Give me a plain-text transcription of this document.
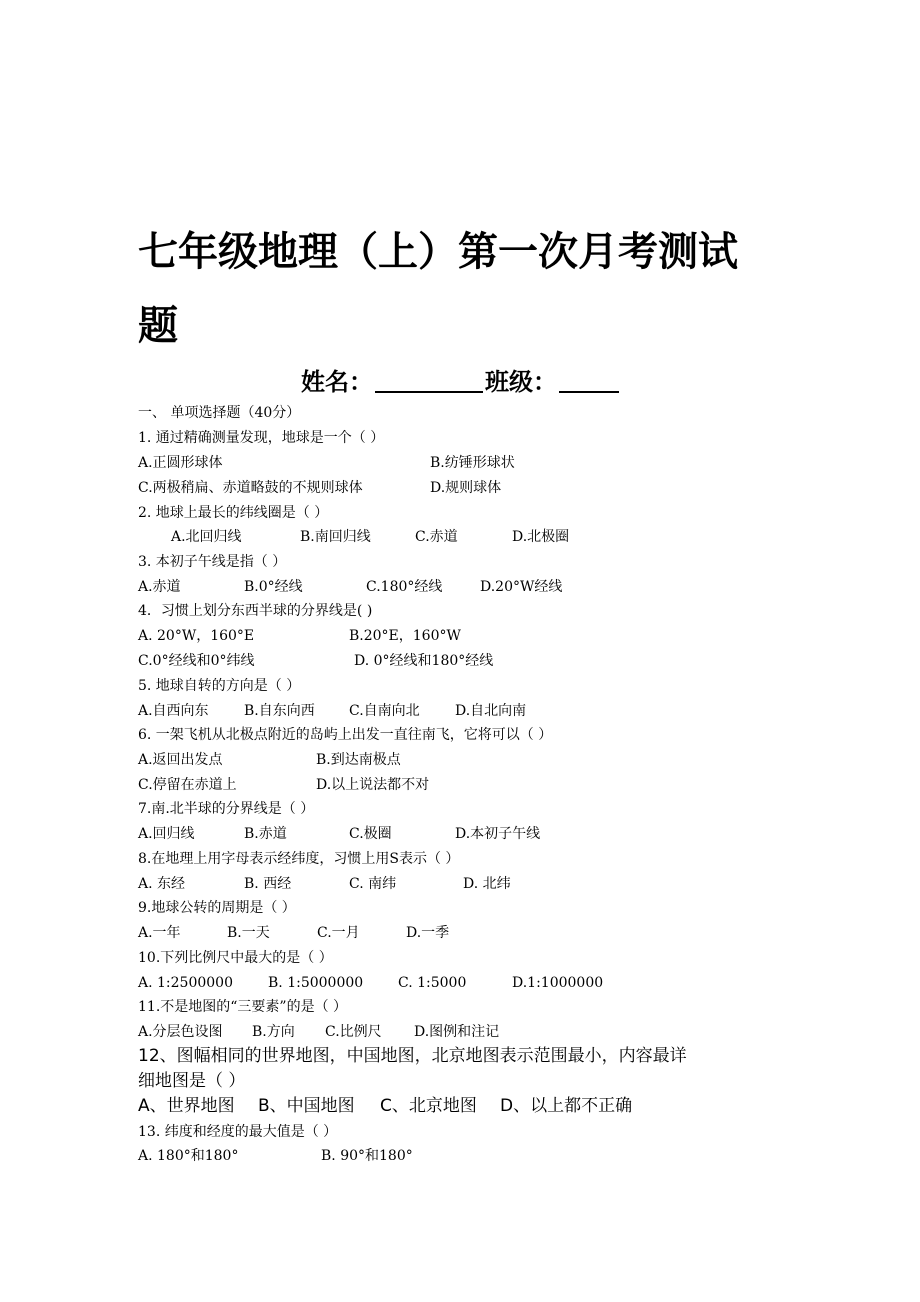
七年级地理（上）第一次月考测试
题
姓名：	班级：
一、 单项选择题（40分）
1. 通过精确测量发现，地球是一个（ ）
A.正圆形球体	B.纺锤形球状
C.两极稍扁、赤道略鼓的不规则球体	D.规则球体
2. 地球上最长的纬线圈是（ ）
A.北回归线	B.南回归线	C.赤道	D.北极圈
3. 本初子午线是指（ ）
A.赤道	B.0°经线	C.180°经线	D.20°W经线
4．习惯上划分东西半球的分界线是( )
A. 20°W，160°E	B.20°E，160°W
C.0°经线和0°纬线	D. 0°经线和180°经线
5. 地球自转的方向是（ ）
A.自西向东	B.自东向西 C.自南向北	D.自北向南
6. 一架飞机从北极点附近的岛屿上出发一直往南飞，它将可以（ ）
A.返回出发点	B.到达南极点
C.停留在赤道上	D.以上说法都不对
7.南.北半球的分界线是（ ）
A.回归线	B.赤道	C.极圈	D.本初子午线
8.在地理上用字母表示经纬度，习惯上用S表示（ ）
A. 东经	B. 西经	C. 南纬	D. 北纬
9.地球公转的周期是（ ）
A.一年	B.一天	C.一月	D.一季
10.下列比例尺中最大的是（ ）
A. 1:2500000	B. 1:5000000 C. 1:5000	D.1:1000000
11.不是地图的“三要素”的是（ ）
A.分层色设图 B.方向 C.比例尺 D.图例和注记
12、图幅相同的世界地图，中国地图，北京地图表示范围最小，内容最详
细地图是（ ）
A、世界地图 B、中国地图 C、北京地图 D、以上都不正确
13. 纬度和经度的最大值是（ ）
A. 180°和180°	B. 90°和180°
